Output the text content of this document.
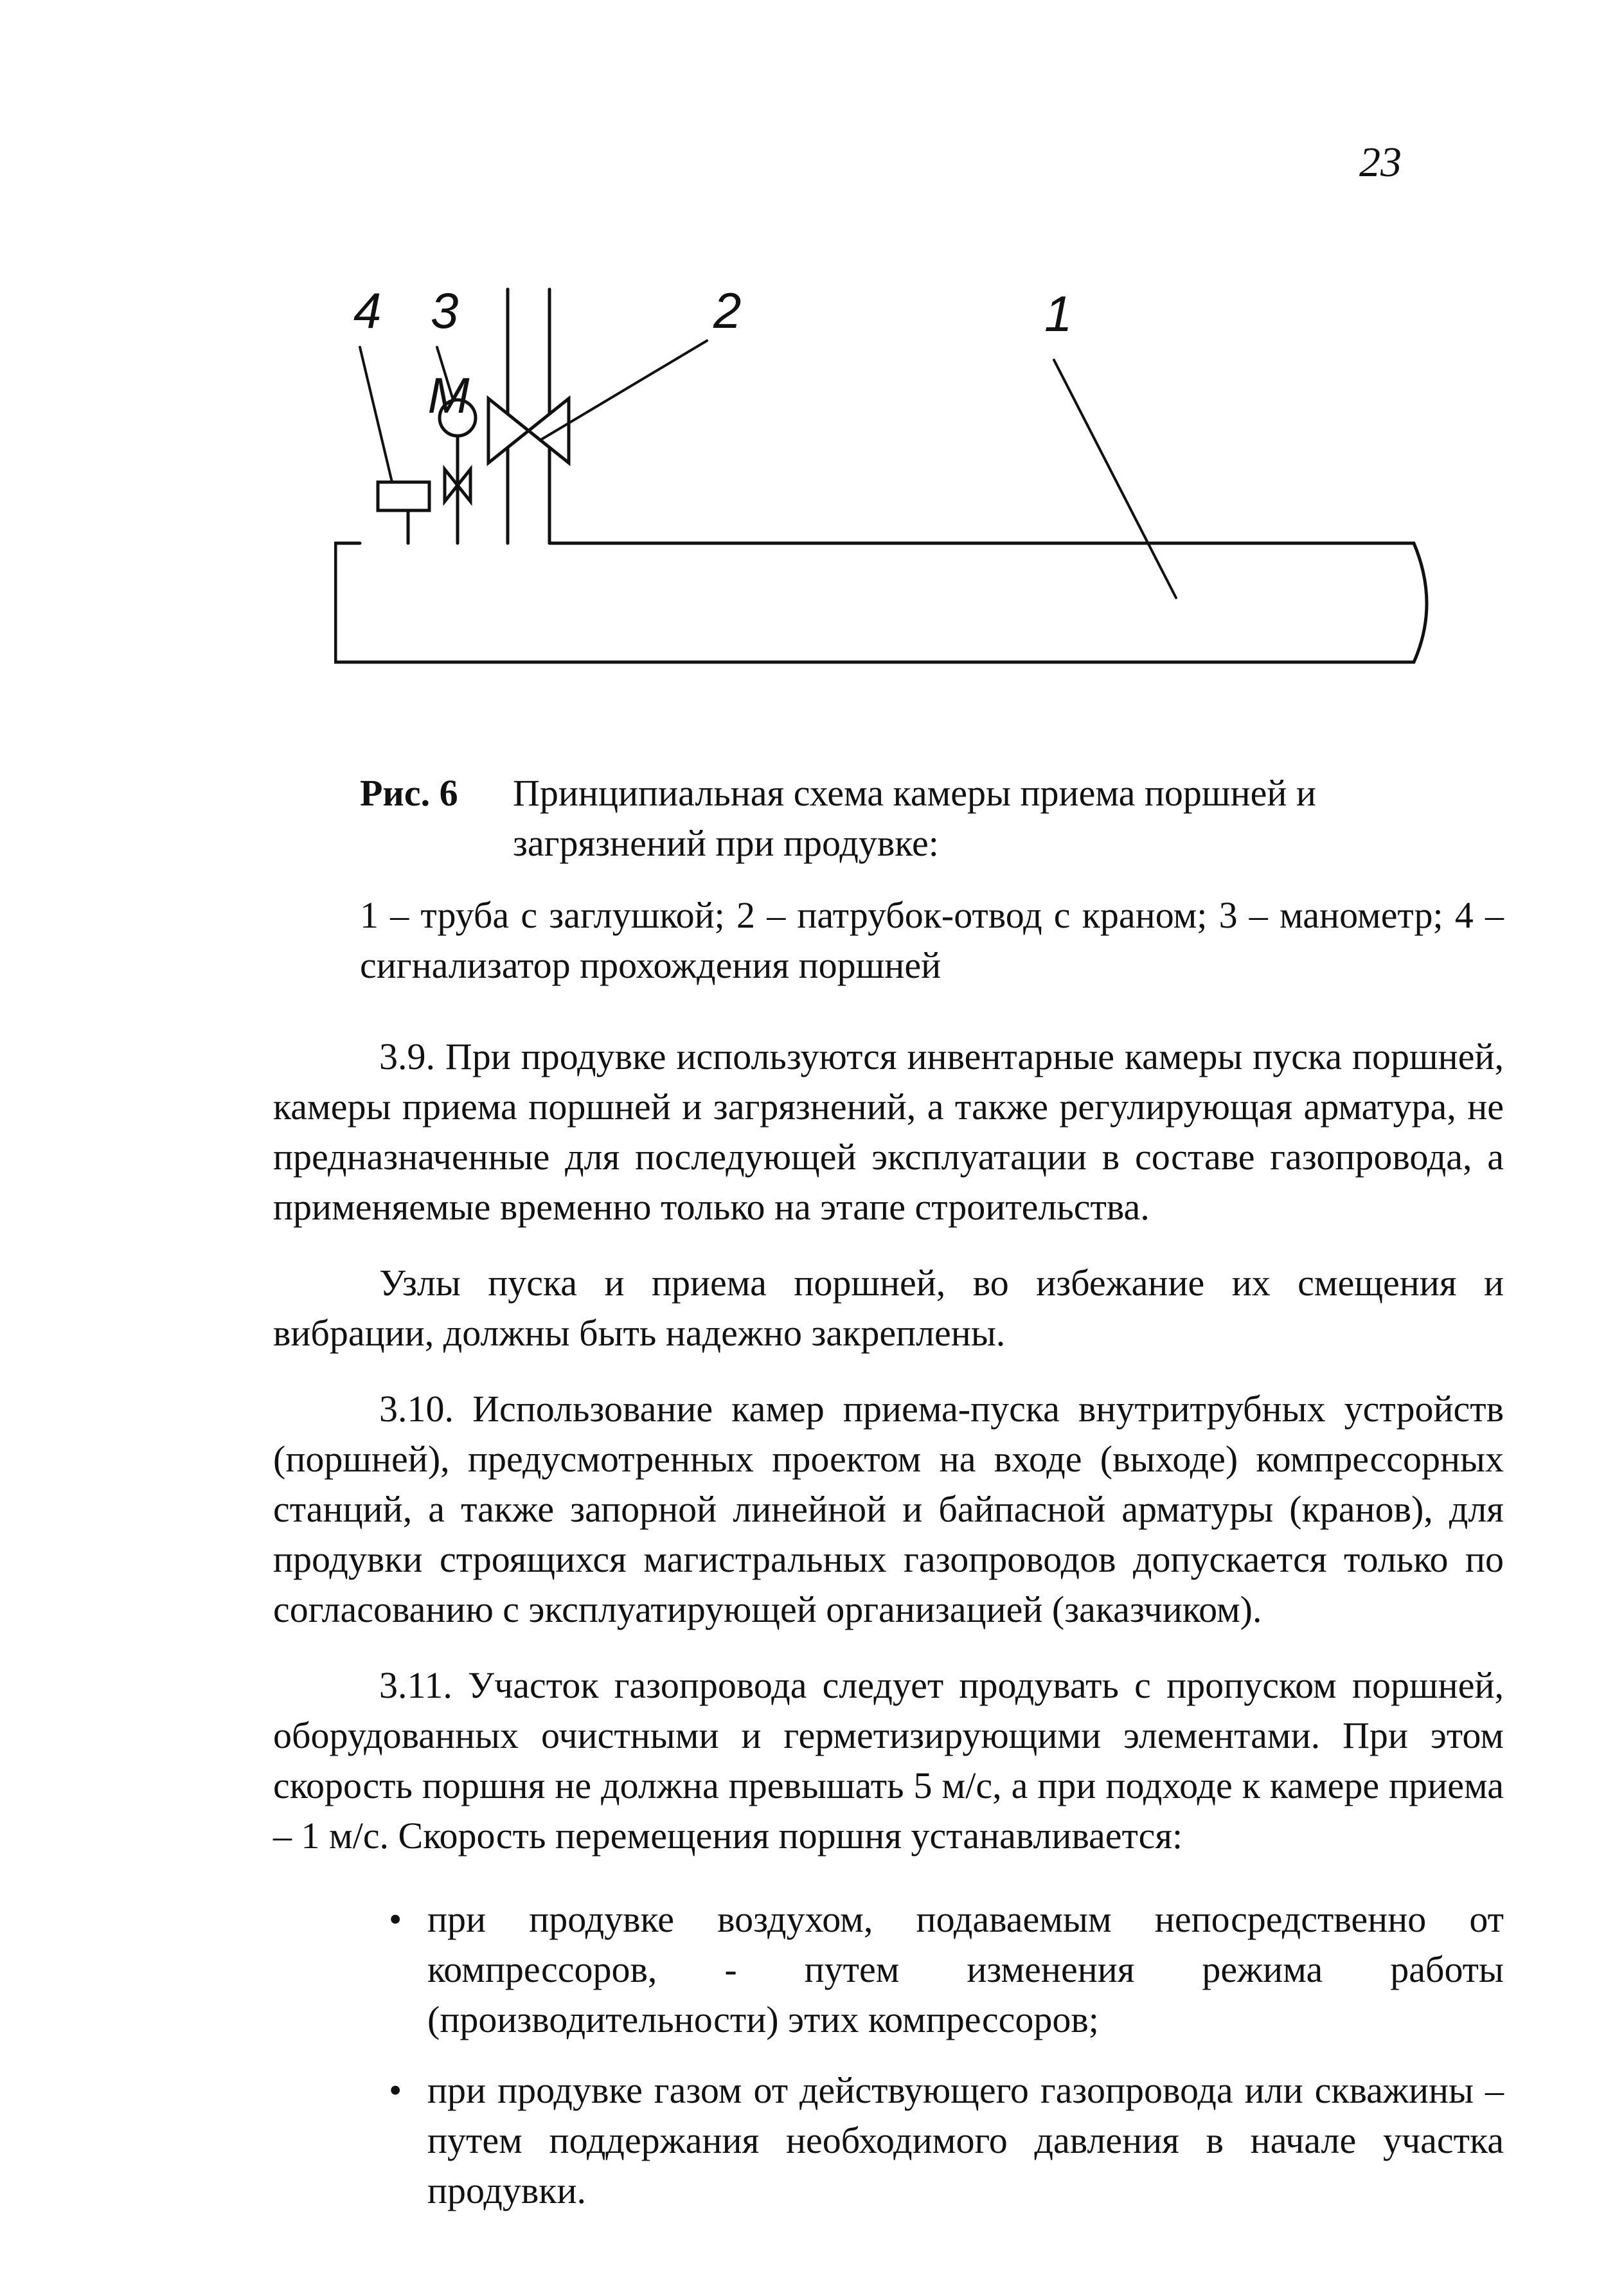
23
M
4 3	2	1
Рис. 6	Принципиальная схема камеры приема поршней и загрязнений при продувке:
1 – труба с заглушкой; 2 – патрубок-отвод с краном; 3 – манометр; 4 – сигнализатор прохождения поршней

3.9. При продувке используются инвентарные камеры пуска поршней, камеры приема поршней и загрязнений, а также регулирующая арматура, не предназначенные для последующей эксплуатации в составе газопровода, а применяемые временно только на этапе строительства.

Узлы пуска и приема поршней, во избежание их смещения и вибрации, должны быть надежно закреплены.

3.10. Использование камер приема-пуска внутритрубных устройств (поршней), предусмотренных проектом на входе (выходе) компрессорных станций, а также запорной линейной и байпасной арматуры (кранов), для продувки строящихся магистральных газопроводов допускается только по согласованию с эксплуатирующей организацией (заказчиком).

3.11. Участок газопровода следует продувать с пропуском поршней, оборудованных очистными и герметизирующими элементами. При этом скорость поршня не должна превышать 5 м/с, а при подходе к камере приема – 1 м/с. Скорость перемещения поршня устанавливается:

• при продувке воздухом, подаваемым непосредственно от компрессоров, - путем изменения режима работы (производительности) этих компрессоров;
• при продувке газом от действующего газопровода или скважины – путем поддержания необходимого давления в начале участка продувки.
